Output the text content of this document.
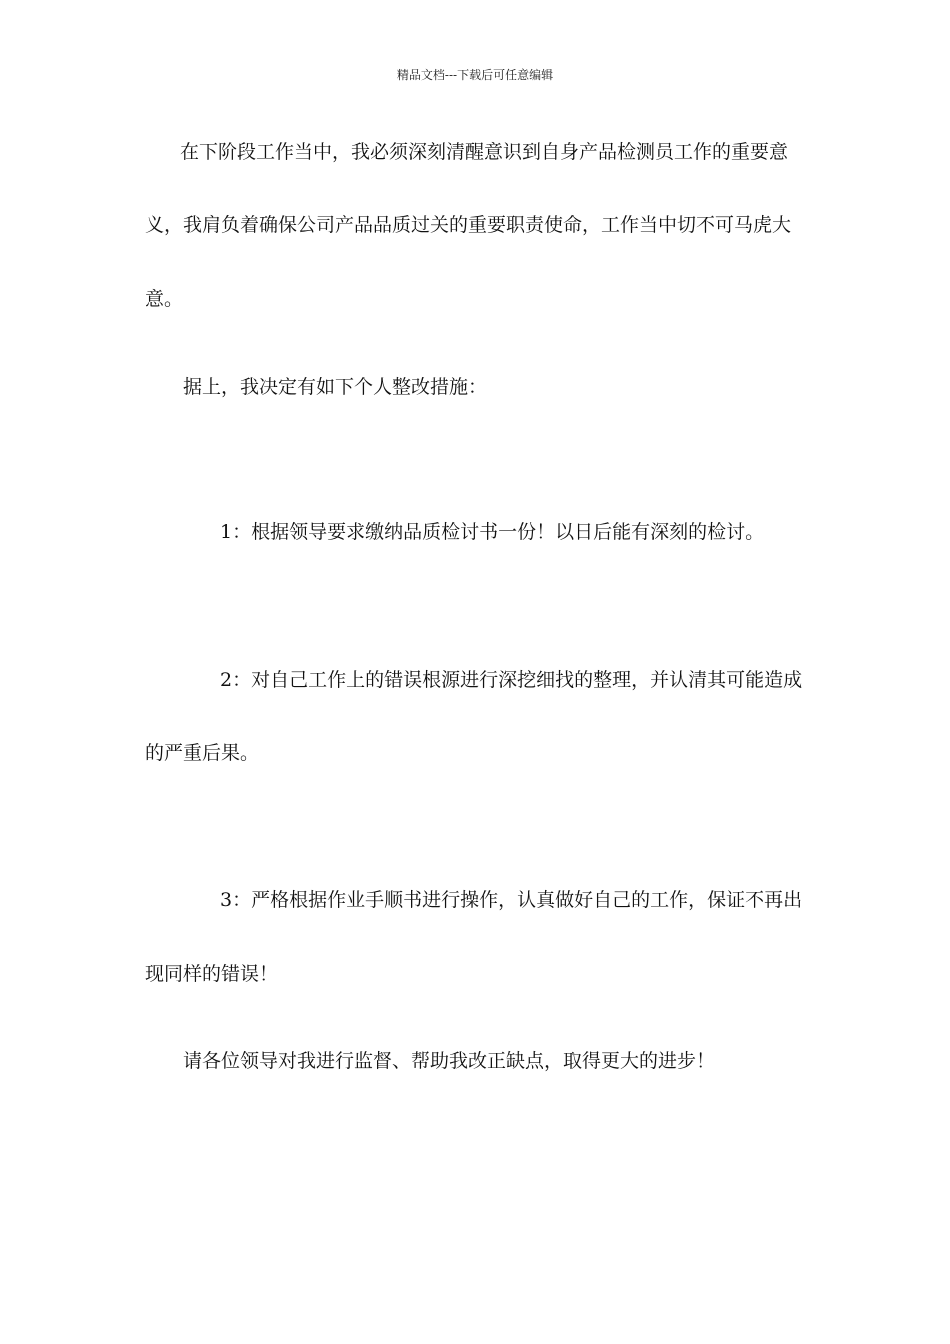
精品文档---下载后可任意编辑
在下阶段工作当中，我必须深刻清醒意识到自身产品检测员工作的重要意
义，我肩负着确保公司产品品质过关的重要职责使命，工作当中切不可马虎大
意。
据上，我决定有如下个人整改措施：
1：根据领导要求缴纳品质检讨书一份！以日后能有深刻的检讨。
2：对自己工作上的错误根源进行深挖细找的整理，并认清其可能造成
的严重后果。
3：严格根据作业手顺书进行操作，认真做好自己的工作，保证不再出
现同样的错误！
请各位领导对我进行监督、帮助我改正缺点，取得更大的进步！
